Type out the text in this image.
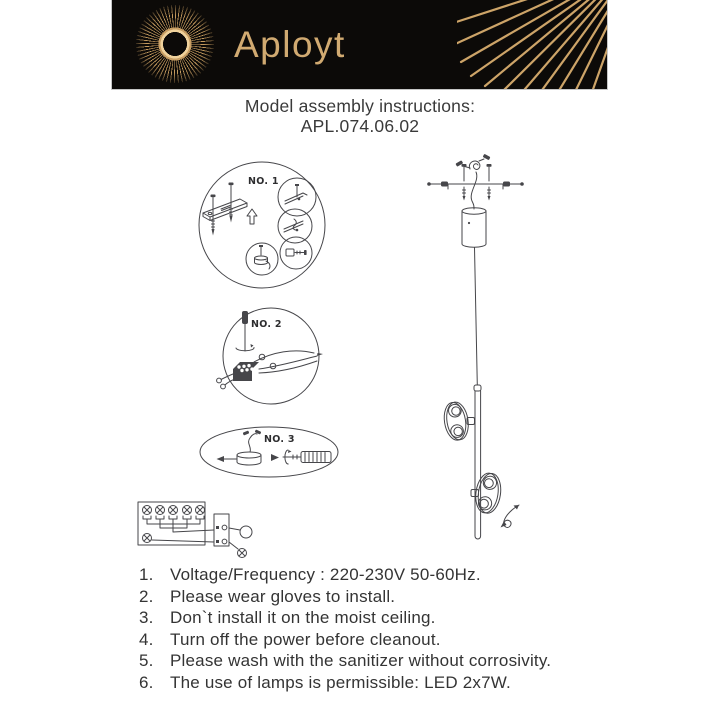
Aployt
Model assembly instructions:
APL.074.06.02
NO. 1
NO. 2
NO. 3
1. Voltage/Frequency : 220-230V 50-60Hz.
2. Please wear gloves to install.
3. Don`t install it on the moist ceiling.
4. Turn off the power before cleanout.
5. Please wash with the sanitizer without corrosivity.
6. The use of lamps is permissible: LED 2x7W.
